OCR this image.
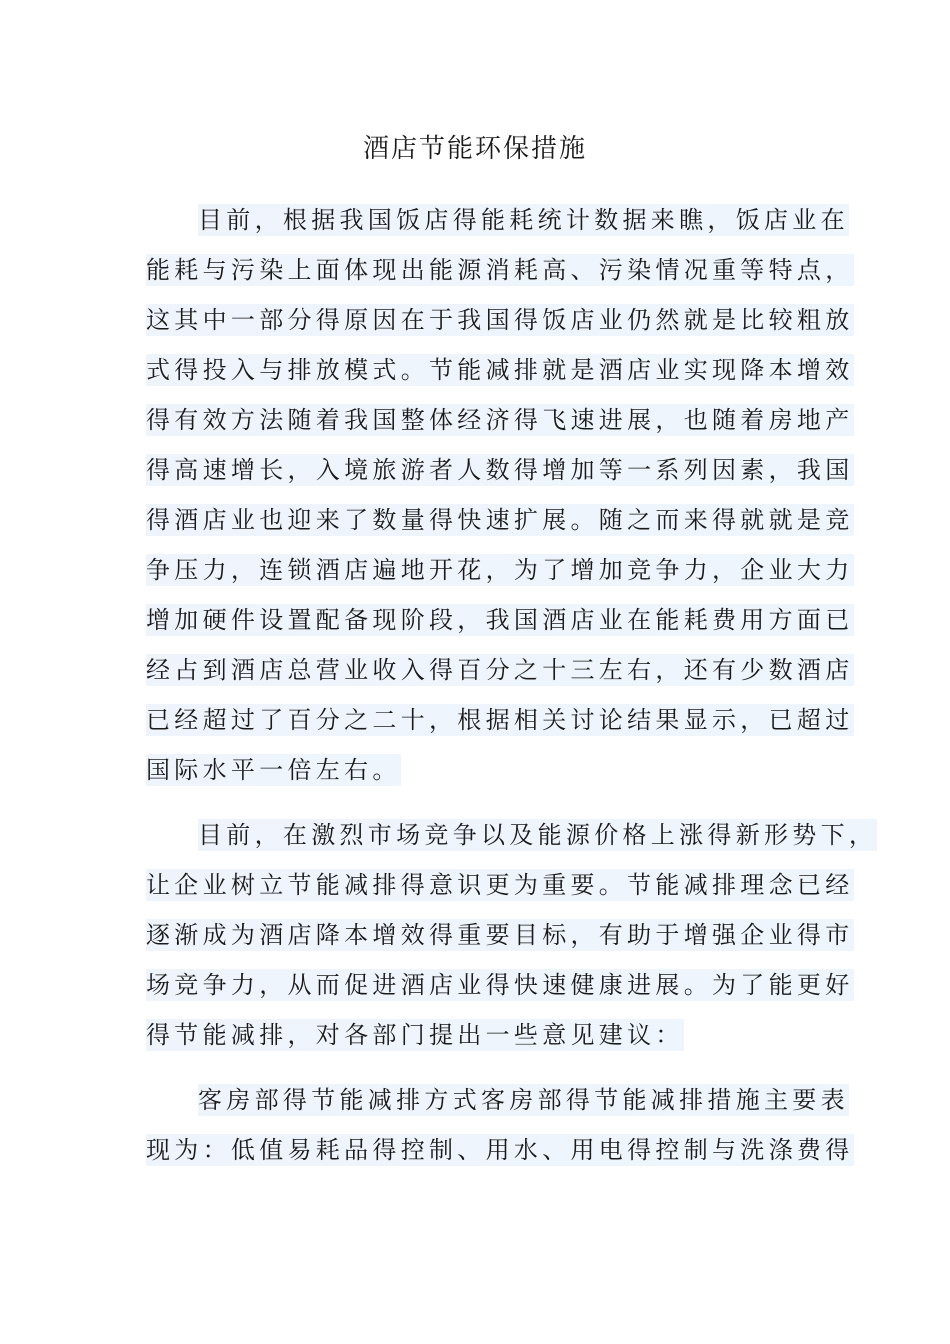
酒店节能环保措施
目前，根据我国饭店得能耗统计数据来瞧，饭店业在
能耗与污染上面体现出能源消耗高、污染情况重等特点，
这其中一部分得原因在于我国得饭店业仍然就是比较粗放
式得投入与排放模式。节能减排就是酒店业实现降本增效
得有效方法随着我国整体经济得飞速进展，也随着房地产
得高速增长，入境旅游者人数得增加等一系列因素，我国
得酒店业也迎来了数量得快速扩展。随之而来得就就是竞
争压力，连锁酒店遍地开花，为了增加竞争力，企业大力
增加硬件设置配备现阶段，我国酒店业在能耗费用方面已
经占到酒店总营业收入得百分之十三左右，还有少数酒店
已经超过了百分之二十，根据相关讨论结果显示，已超过
国际水平一倍左右。
目前，在激烈市场竞争以及能源价格上涨得新形势下，
让企业树立节能减排得意识更为重要。节能减排理念已经
逐渐成为酒店降本增效得重要目标，有助于增强企业得市
场竞争力，从而促进酒店业得快速健康进展。为了能更好
得节能减排，对各部门提出一些意见建议：
客房部得节能减排方式客房部得节能减排措施主要表
现为：低值易耗品得控制、用水、用电得控制与洗涤费得
